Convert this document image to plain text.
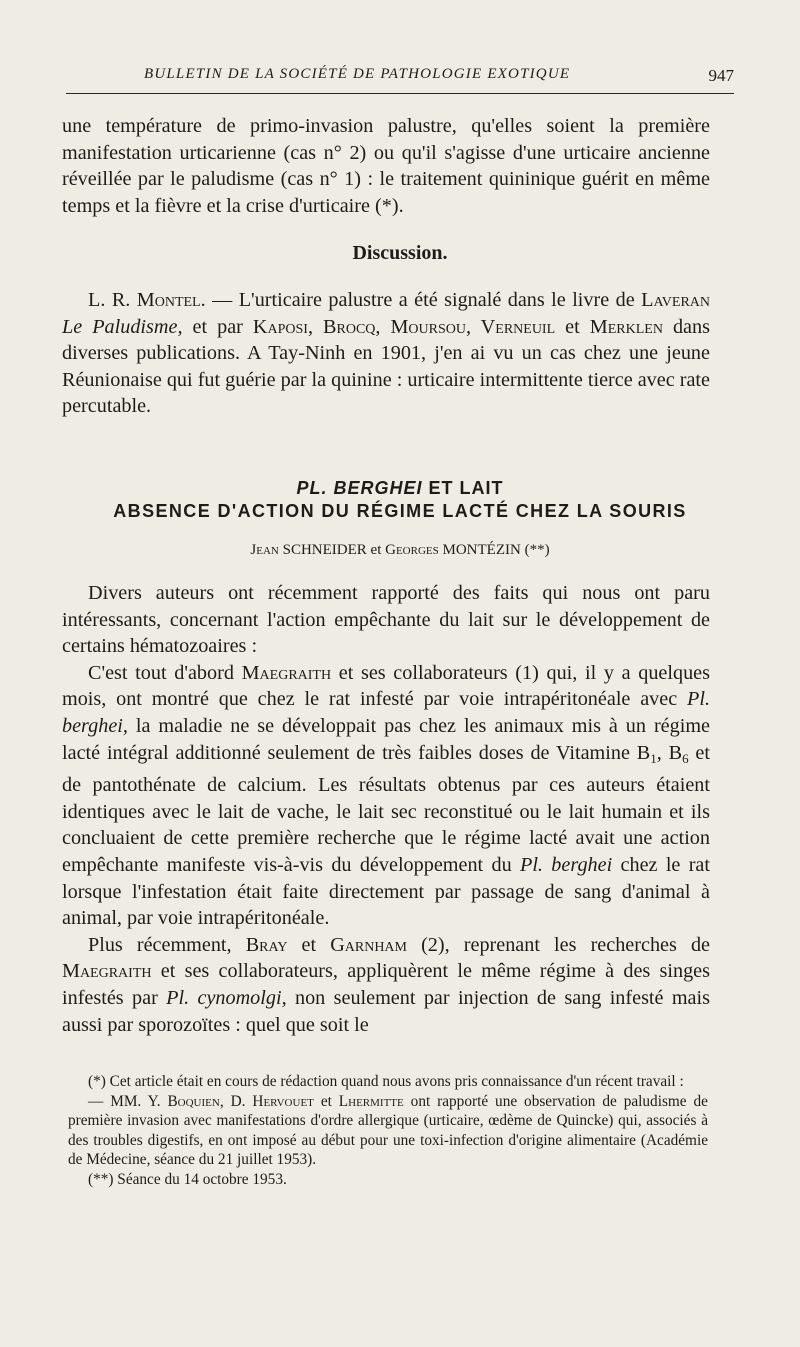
BULLETIN DE LA SOCIÉTÉ DE PATHOLOGIE EXOTIQUE	947

une température de primo-invasion palustre, qu'elles soient la première manifestation urticarienne (cas n° 2) ou qu'il s'agisse d'une urticaire ancienne réveillée par le paludisme (cas n° 1) : le traitement quininique guérit en même temps et la fièvre et la crise d'urticaire (*).

Discussion.

L. R. Montel. — L'urticaire palustre a été signalé dans le livre de Laveran Le Paludisme, et par Kaposi, Brocq, Moursou, Verneuil et Merklen dans diverses publications. A Tay-Ninh en 1901, j'en ai vu un cas chez une jeune Réunionaise qui fut guérie par la quinine : urticaire intermittente tierce avec rate percutable.

PL. BERGHEI ET LAIT
ABSENCE D'ACTION DU RÉGIME LACTÉ CHEZ LA SOURIS
Jean SCHNEIDER et Georges MONTÉZIN (**)

Divers auteurs ont récemment rapporté des faits qui nous ont paru intéressants, concernant l'action empêchante du lait sur le développement de certains hématozoaires :

C'est tout d'abord Maegraith et ses collaborateurs (1) qui, il y a quelques mois, ont montré que chez le rat infesté par voie intrapéritonéale avec Pl. berghei, la maladie ne se développait pas chez les animaux mis à un régime lacté intégral additionné seulement de très faibles doses de Vitamine $B_1$, $B_6$ et de pantothénate de calcium. Les résultats obtenus par ces auteurs étaient identiques avec le lait de vache, le lait sec reconstitué ou le lait humain et ils concluaient de cette première recherche que le régime lacté avait une action empêchante manifeste vis-à-vis du développement du Pl. berghei chez le rat lorsque l'infestation était faite directement par passage de sang d'animal à animal, par voie intrapéritonéale.

Plus récemment, Bray et Garnham (2), reprenant les recherches de Maegraith et ses collaborateurs, appliquèrent le même régime à des singes infestés par Pl. cynomolgi, non seulement par injection de sang infesté mais aussi par sporozoïtes : quel que soit le

(*) Cet article était en cours de rédaction quand nous avons pris connaissance d'un récent travail :

— MM. Y. Boquien, D. Hervouet et Lhermitte ont rapporté une observation de paludisme de première invasion avec manifestations d'ordre allergique (urticaire, œdème de Quincke) qui, associés à des troubles digestifs, en ont imposé au début pour une toxi-infection d'origine alimentaire (Académie de Médecine, séance du 21 juillet 1953).

(**) Séance du 14 octobre 1953.
